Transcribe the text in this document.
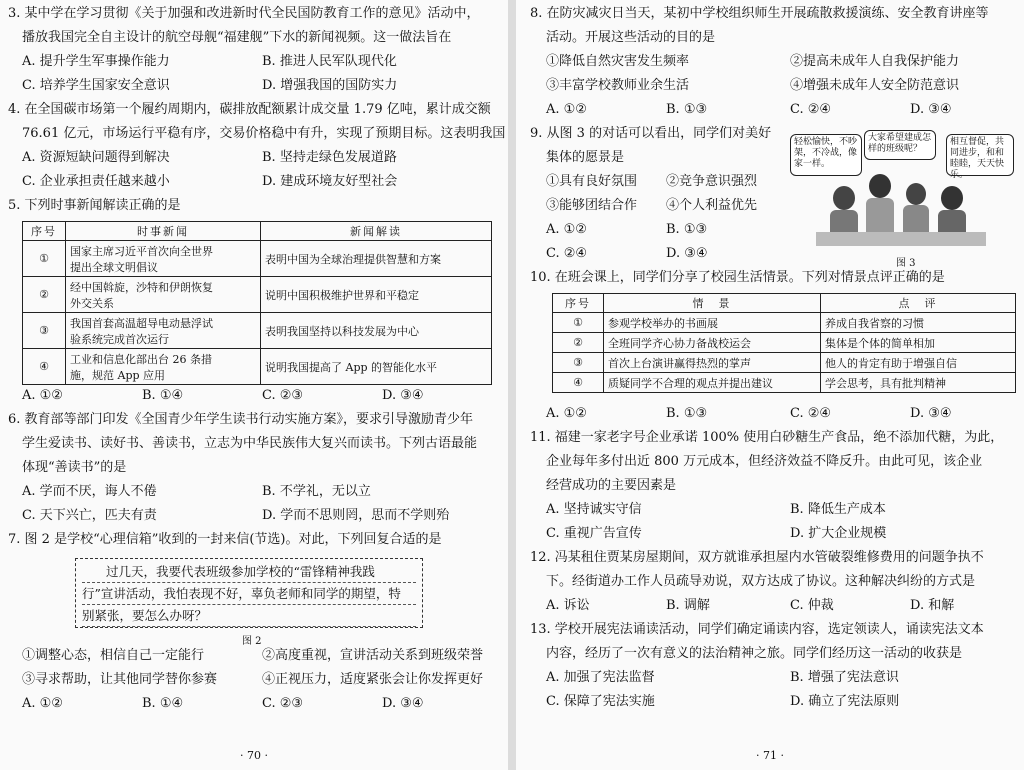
3. 某中学在学习贯彻《关于加强和改进新时代全民国防教育工作的意见》活动中，
播放我国完全自主设计的航空母舰“福建舰”下水的新闻视频。这一做法旨在
A. 提升学生军事操作能力	B. 推进人民军队现代化
C. 培养学生国家安全意识	D. 增强我国的国防实力
4. 在全国碳市场第一个履约周期内，碳排放配额累计成交量 1.79 亿吨，累计成交额
76.61 亿元，市场运行平稳有序，交易价格稳中有升，实现了预期目标。这表明我国
A. 资源短缺问题得到解决	B. 坚持走绿色发展道路
C. 企业承担责任越来越小	D. 建成环境友好型社会
5. 下列时事新闻解读正确的是
序号	时事新闻	新闻解读
①	国家主席习近平首次向全世界
提出全球文明倡议	表明中国为全球治理提供智慧和方案
②	经中国斡旋，沙特和伊朗恢复
外交关系	说明中国积极维护世界和平稳定
③	我国首套高温超导电动悬浮试
验系统完成首次运行	表明我国坚持以科技发展为中心
④	工业和信息化部出台 26 条措
施，规范 App 应用	说明我国提高了 App 的智能化水平
A. ①②	B. ①④	C. ②③	D. ③④
6. 教育部等部门印发《全国青少年学生读书行动实施方案》，要求引导激励青少年
学生爱读书、读好书、善读书，立志为中华民族伟大复兴而读书。下列古语最能
体现“善读书”的是
A. 学而不厌，诲人不倦	B. 不学礼，无以立
C. 天下兴亡，匹夫有责	D. 学而不思则罔，思而不学则殆
7. 图 2 是学校“心理信箱”收到的一封来信(节选)。对此，下列回复合适的是
过几天，我要代表班级参加学校的“雷锋精神我践
行”宣讲活动，我怕表现不好，辜负老师和同学的期望，特
别紧张，要怎么办呀？
图 2
①调整心态，相信自己一定能行	②高度重视，宣讲活动关系到班级荣誉
③寻求帮助，让其他同学替你参赛	④正视压力，适度紧张会让你发挥更好
A. ①②	B. ①④	C. ②③	D. ③④
· 70 ·
8. 在防灾减灾日当天，某初中学校组织师生开展疏散救援演练、安全教育讲座等
活动。开展这些活动的目的是
①降低自然灾害发生频率	②提高未成年人自我保护能力
③丰富学校教师业余生活	④增强未成年人安全防范意识
A. ①②	B. ①③	C. ②④	D. ③④
9. 从图 3 的对话可以看出，同学们对美好
集体的愿景是
①具有良好氛围 ②竞争意识强烈
③能够团结合作 ④个人利益优先
A. ①②	B. ①③
C. ②④	D. ③④
轻松愉快，不吵架，不冷战，像家一样。
大家希望建成怎样的班级呢？
相互督促，共同进步，和和睦睦，天天快乐。
图 3
10. 在班会课上，同学们分享了校园生活情景。下列对情景点评正确的是
序号	情　景	点　评
①	参观学校举办的书画展	养成自我省察的习惯
②	全班同学齐心协力备战校运会	集体是个体的简单相加
③	首次上台演讲赢得热烈的掌声	他人的肯定有助于增强自信
④	质疑同学不合理的观点并提出建议	学会思考，具有批判精神
A. ①②	B. ①③	C. ②④	D. ③④
11. 福建一家老字号企业承诺 100% 使用白砂糖生产食品，绝不添加代糖，为此，
企业每年多付出近 800 万元成本，但经济效益不降反升。由此可见，该企业
经营成功的主要因素是
A. 坚持诚实守信	B. 降低生产成本
C. 重视广告宣传	D. 扩大企业规模
12. 冯某租住贾某房屋期间，双方就谁承担屋内水管破裂维修费用的问题争执不
下。经街道办工作人员疏导劝说，双方达成了协议。这种解决纠纷的方式是
A. 诉讼	B. 调解	C. 仲裁	D. 和解
13. 学校开展宪法诵读活动，同学们确定诵读内容，选定领读人，诵读宪法文本
内容，经历了一次有意义的法治精神之旅。同学们经历这一活动的收获是
A. 加强了宪法监督	B. 增强了宪法意识
C. 保障了宪法实施	D. 确立了宪法原则
· 71 ·
